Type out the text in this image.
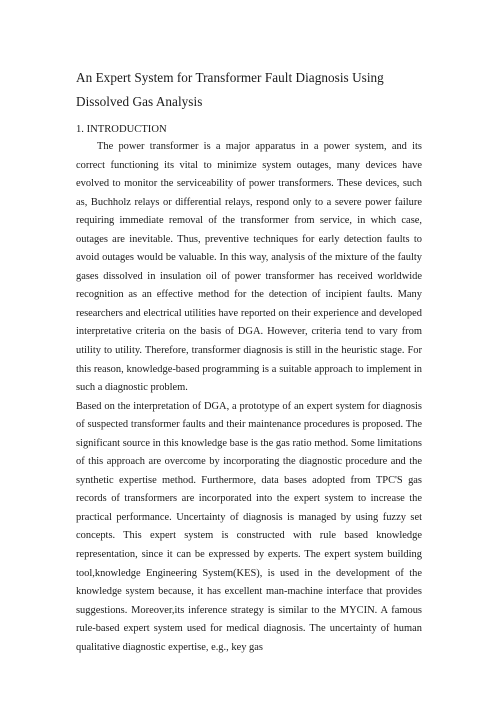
An Expert System for Transformer Fault Diagnosis Using Dissolved Gas Analysis
1. INTRODUCTION

The power transformer is a major apparatus in a power system, and its correct functioning its vital to minimize system outages, many devices have evolved to monitor the serviceability of power transformers. These devices, such as, Buchholz relays or differential relays, respond only to a severe power failure requiring immediate removal of the transformer from service, in which case, outages are inevitable. Thus, preventive techniques for early detection faults to avoid outages would be valuable. In this way, analysis of the mixture of the faulty gases dissolved in insulation oil of power transformer has received worldwide recognition as an effective method for the detection of incipient faults. Many researchers and electrical utilities have reported on their experience and developed interpretative criteria on the basis of DGA. However, criteria tend to vary from utility to utility. Therefore, transformer diagnosis is still in the heuristic stage. For this reason, knowledge-based programming is a suitable approach to implement in such a diagnostic problem.

Based on the interpretation of DGA, a prototype of an expert system for diagnosis of suspected transformer faults and their maintenance procedures is proposed. The significant source in this knowledge base is the gas ratio method. Some limitations of this approach are overcome by incorporating the diagnostic procedure and the synthetic expertise method. Furthermore, data bases adopted from TPC'S gas records of transformers are incorporated into the expert system to increase the practical performance. Uncertainty of diagnosis is managed by using fuzzy set concepts. This expert system is constructed with rule based knowledge representation, since it can be expressed by experts. The expert system building tool,knowledge Engineering System(KES), is used in the development of the knowledge system because, it has excellent man-machine interface that provides suggestions. Moreover,its inference strategy is similar to the MYCIN. A famous rule-based expert system used for medical diagnosis. The uncertainty of human qualitative diagnostic expertise, e.g., key gas
